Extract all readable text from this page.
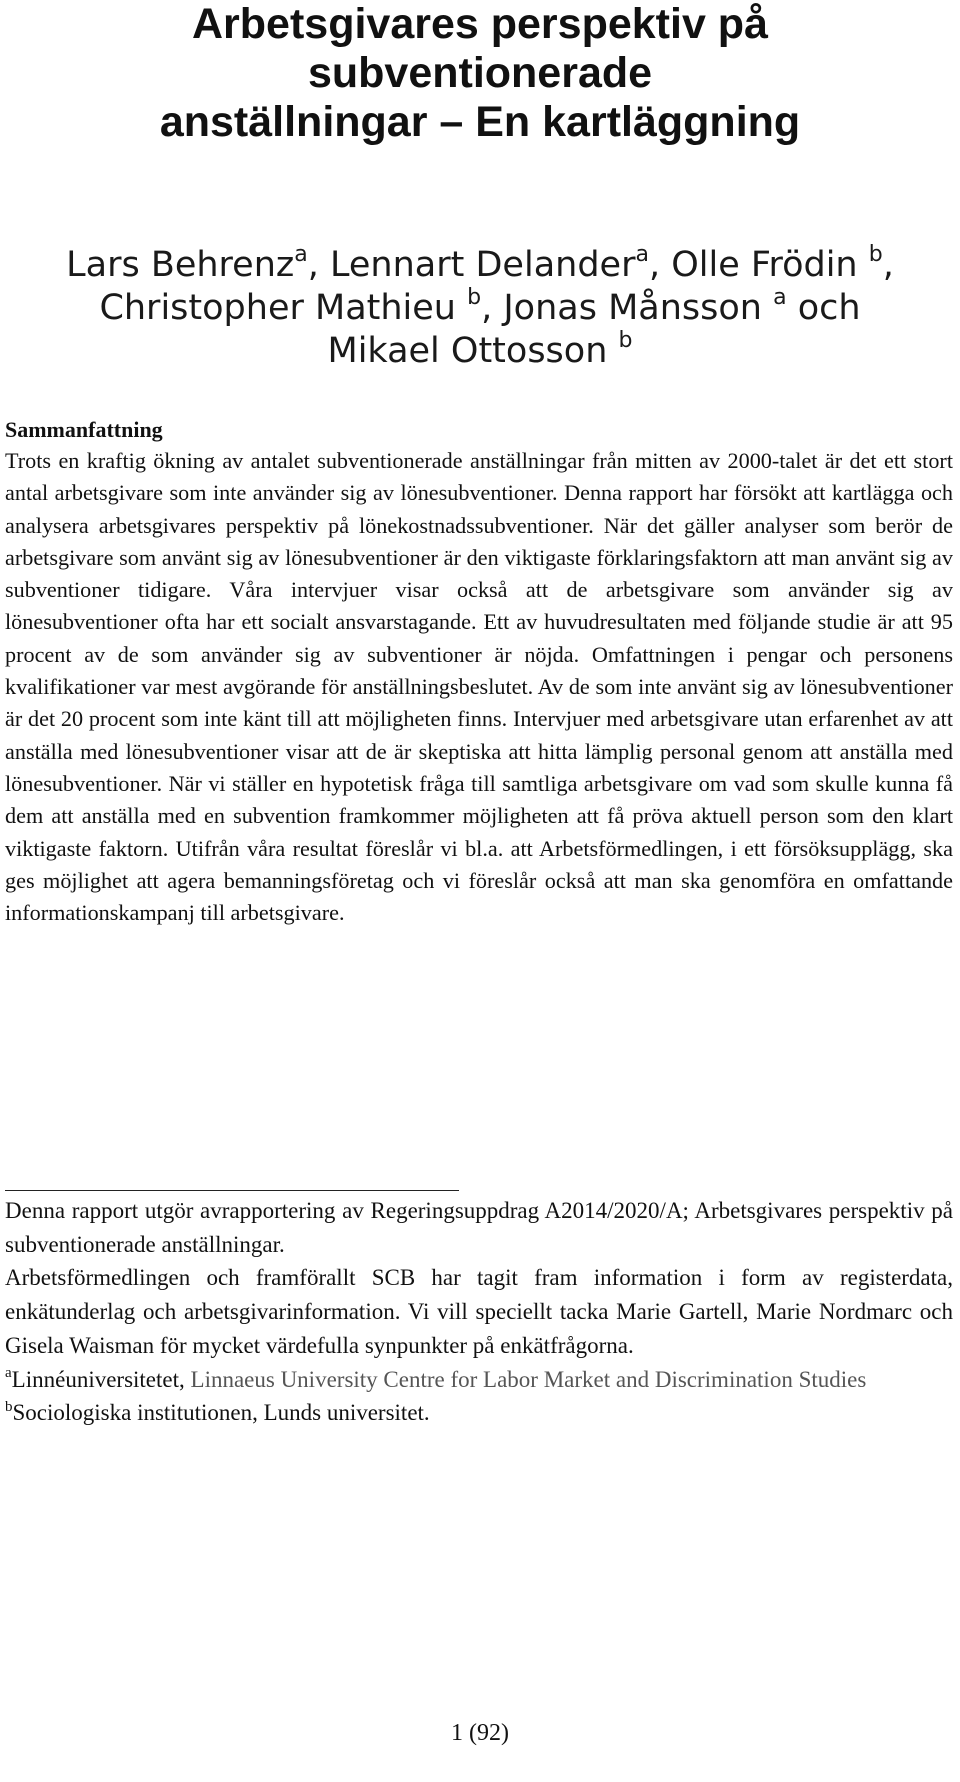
Arbetsgivares perspektiv på
subventionerade
anställningar – En kartläggning
Lars Behrenz$^a$, Lennart Delander$^a$, Olle Frödin $^b$,
Christopher Mathieu $^b$, Jonas Månsson $^a$ och
Mikael Ottosson $^b$

Sammanfattning

Trots en kraftig ökning av antalet subventionerade anställningar från mitten av 2000-talet är det ett stort antal arbetsgivare som inte använder sig av lönesubventioner. Denna rapport har försökt att kartlägga och analysera arbetsgivares perspektiv på lönekostnadssubventioner. När det gäller analyser som berör de arbetsgivare som använt sig av lönesubventioner är den viktigaste förklaringsfaktorn att man använt sig av subventioner tidigare. Våra intervjuer visar också att de arbetsgivare som använder sig av lönesubventioner ofta har ett socialt ansvarstagande. Ett av huvudresultaten med följande studie är att 95 procent av de som använder sig av subventioner är nöjda. Omfattningen i pengar och personens kvalifikationer var mest avgörande för anställningsbeslutet. Av de som inte använt sig av lönesubventioner är det 20 procent som inte känt till att möjligheten finns. Intervjuer med arbetsgivare utan erfarenhet av att anställa med lönesubventioner visar att de är skeptiska att hitta lämplig personal genom att anställa med lönesubventioner. När vi ställer en hypotetisk fråga till samtliga arbetsgivare om vad som skulle kunna få dem att anställa med en subvention framkommer möjligheten att få pröva aktuell person som den klart viktigaste faktorn. Utifrån våra resultat föreslår vi bl.a. att Arbetsförmedlingen, i ett försöksupplägg, ska ges möjlighet att agera bemanningsföretag och vi föreslår också att man ska genomföra en omfattande informationskampanj till arbetsgivare.

Denna rapport utgör avrapportering av Regeringsuppdrag A2014/2020/A; Arbetsgivares perspektiv på subventionerade anställningar.

Arbetsförmedlingen och framförallt SCB har tagit fram information i form av registerdata, enkätunderlag och arbetsgivarinformation. Vi vill speciellt tacka Marie Gartell, Marie Nordmarc och Gisela Waisman för mycket värdefulla synpunkter på enkätfrågorna.

$^a$Linnéuniversitetet, Linnaeus University Centre for Labor Market and Discrimination Studies $^b$Sociologiska institutionen, Lunds universitet.

1 (92)
